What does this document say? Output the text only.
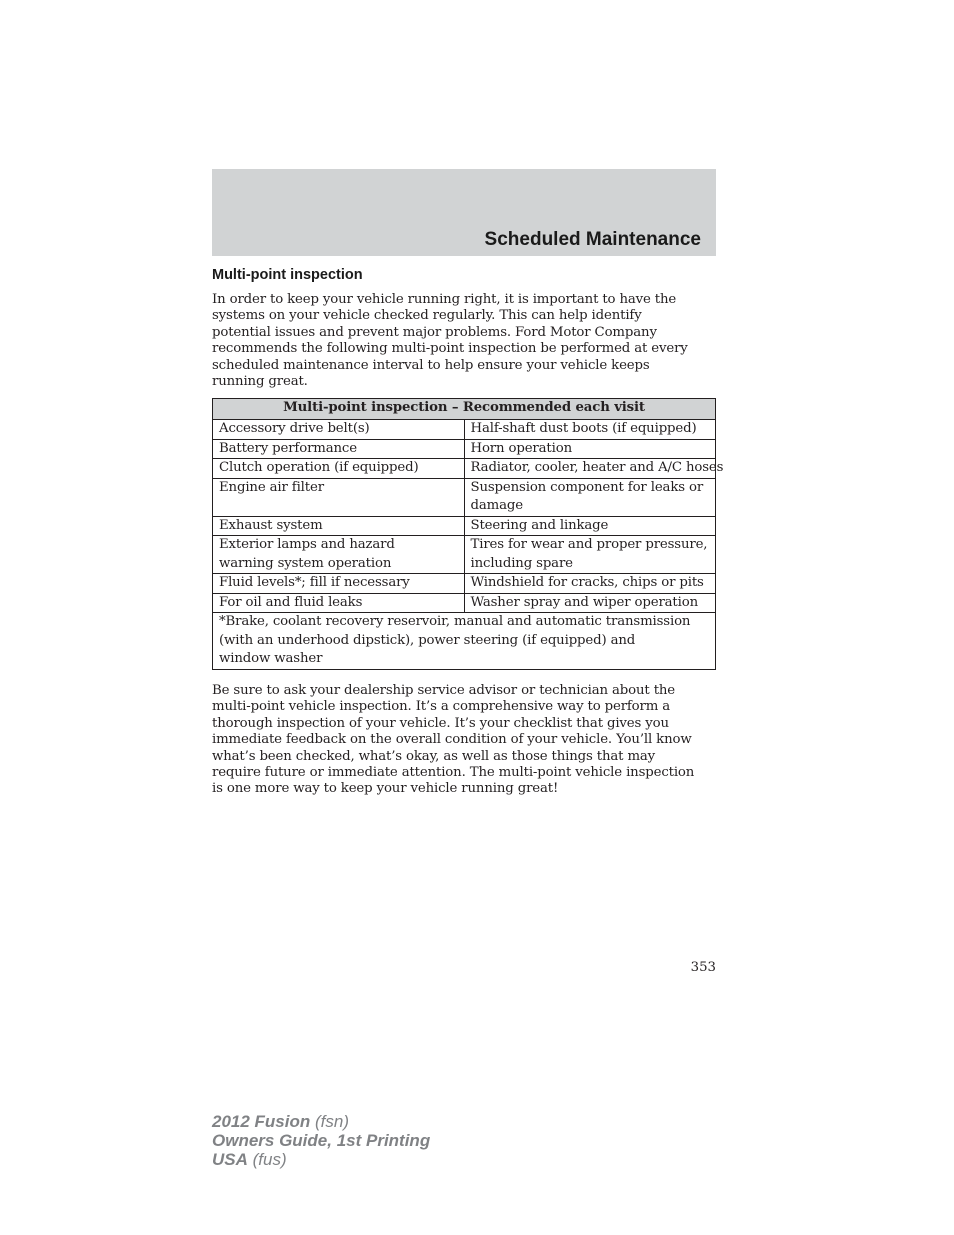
Scheduled Maintenance
Multi-point inspection
In order to keep your vehicle running right, it is important to have the
systems on your vehicle checked regularly. This can help identify
potential issues and prevent major problems. Ford Motor Company
recommends the following multi-point inspection be performed at every
scheduled maintenance interval to help ensure your vehicle keeps
running great.
Multi-point inspection – Recommended each visit	

Accessory drive belt(s)	Half-shaft dust boots (if equipped)

Battery performance	Horn operation

Clutch operation (if equipped)	Radiator, cooler, heater and A/C hoses

Engine air filter	Suspension component for leaks or
damage

Exhaust system	Steering and linkage

Exterior lamps and hazard
warning system operation	Tires for wear and proper pressure,
including spare

Fluid levels*; fill if necessary	Windshield for cracks, chips or pits

For oil and fluid leaks	Washer spray and wiper operation

*Brake, coolant recovery reservoir, manual and automatic transmission
(with an underhood dipstick), power steering (if equipped) and
window washer	
Be sure to ask your dealership service advisor or technician about the
multi-point vehicle inspection. It’s a comprehensive way to perform a
thorough inspection of your vehicle. It’s your checklist that gives you
immediate feedback on the overall condition of your vehicle. You’ll know
what’s been checked, what’s okay, as well as those things that may
require future or immediate attention. The multi-point vehicle inspection
is one more way to keep your vehicle running great!
353
2012 Fusion (fsn)
Owners Guide, 1st Printing
USA (fus)
